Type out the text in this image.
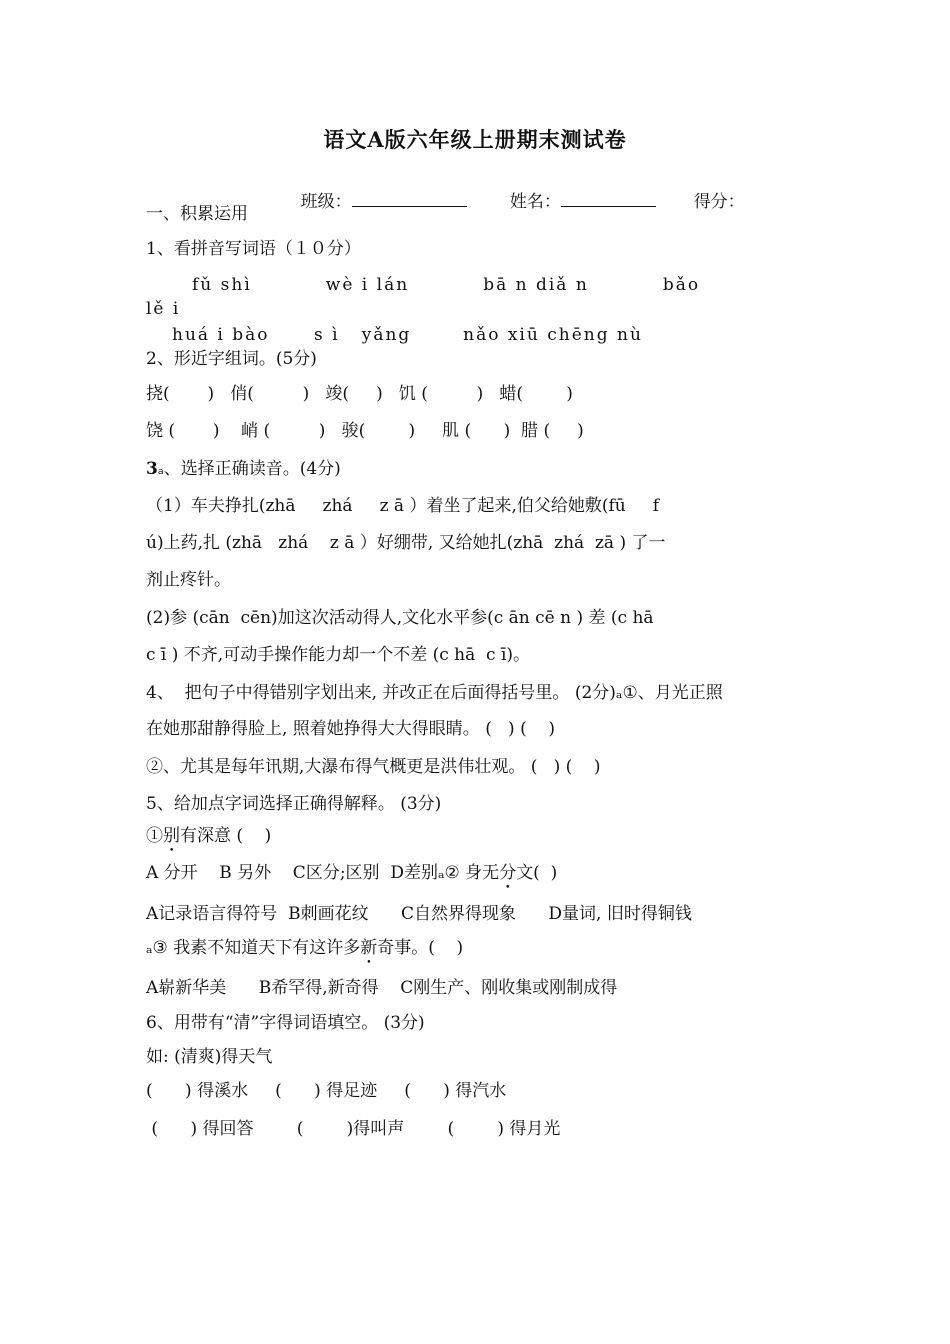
语文A版六年级上册期末测试卷

班级：	姓名：	得分：

一、积累运用
1、看拼音写词语（１０分）
fǔ shì          wè i lán          bā n diǎ n          bǎo
lě i
huá i bào      s ì   yǎng       nǎo xiū chēng nù
2、形近字组词。(5分)
挠(       )   俏(         )   竣(     )   饥 (         )   蜡(        )
饶 (       )    峭 (         )   骏(        )     肌 (      )  腊 (     )
3ₐ、选择正确读音。(4分)
（1）车夫挣扎(zhā     zhá     z ā ）着坐了起来,伯父给她敷(fū     f
ú)上药,扎 (zhā   zhá    z ā ）好绷带, 又给她扎(zhā  zhá  zā ) 了一
剂止疼针。
(2)参 (cān  cēn)加这次活动得人,文化水平参(c ān cē n ) 差 (c hā
c ī ) 不齐,可动手操作能力却一个不差 (c hā  c ī)。
4、  把句子中得错别字划出来, 并改正在后面得括号里。 (2分)ₐ①、月光正照
在她那甜静得脸上, 照着她挣得大大得眼睛。 (   ) (    )
②、尤其是每年讯期,大瀑布得气概更是洪伟壮观。 (   ) (    )
5、给加点字词选择正确得解释。 (3分)
①别有深意 (    )
A 分开    B 另外    C区分;区别  D差别ₐ② 身无分文(  )
A记录语言得符号  B刺画花纹      C自然界得现象      D量词, 旧时得铜钱
ₐ③ 我素不知道天下有这许多新奇事。(    )
A崭新华美      B希罕得,新奇得    C刚生产、刚收集或刚制成得
6、用带有“清”字得词语填空。 (3分)
如: (清爽)得天气
(      ) 得溪水     (      ) 得足迹     (      ) 得汽水
(      ) 得回答        (        )得叫声        (        ) 得月光
